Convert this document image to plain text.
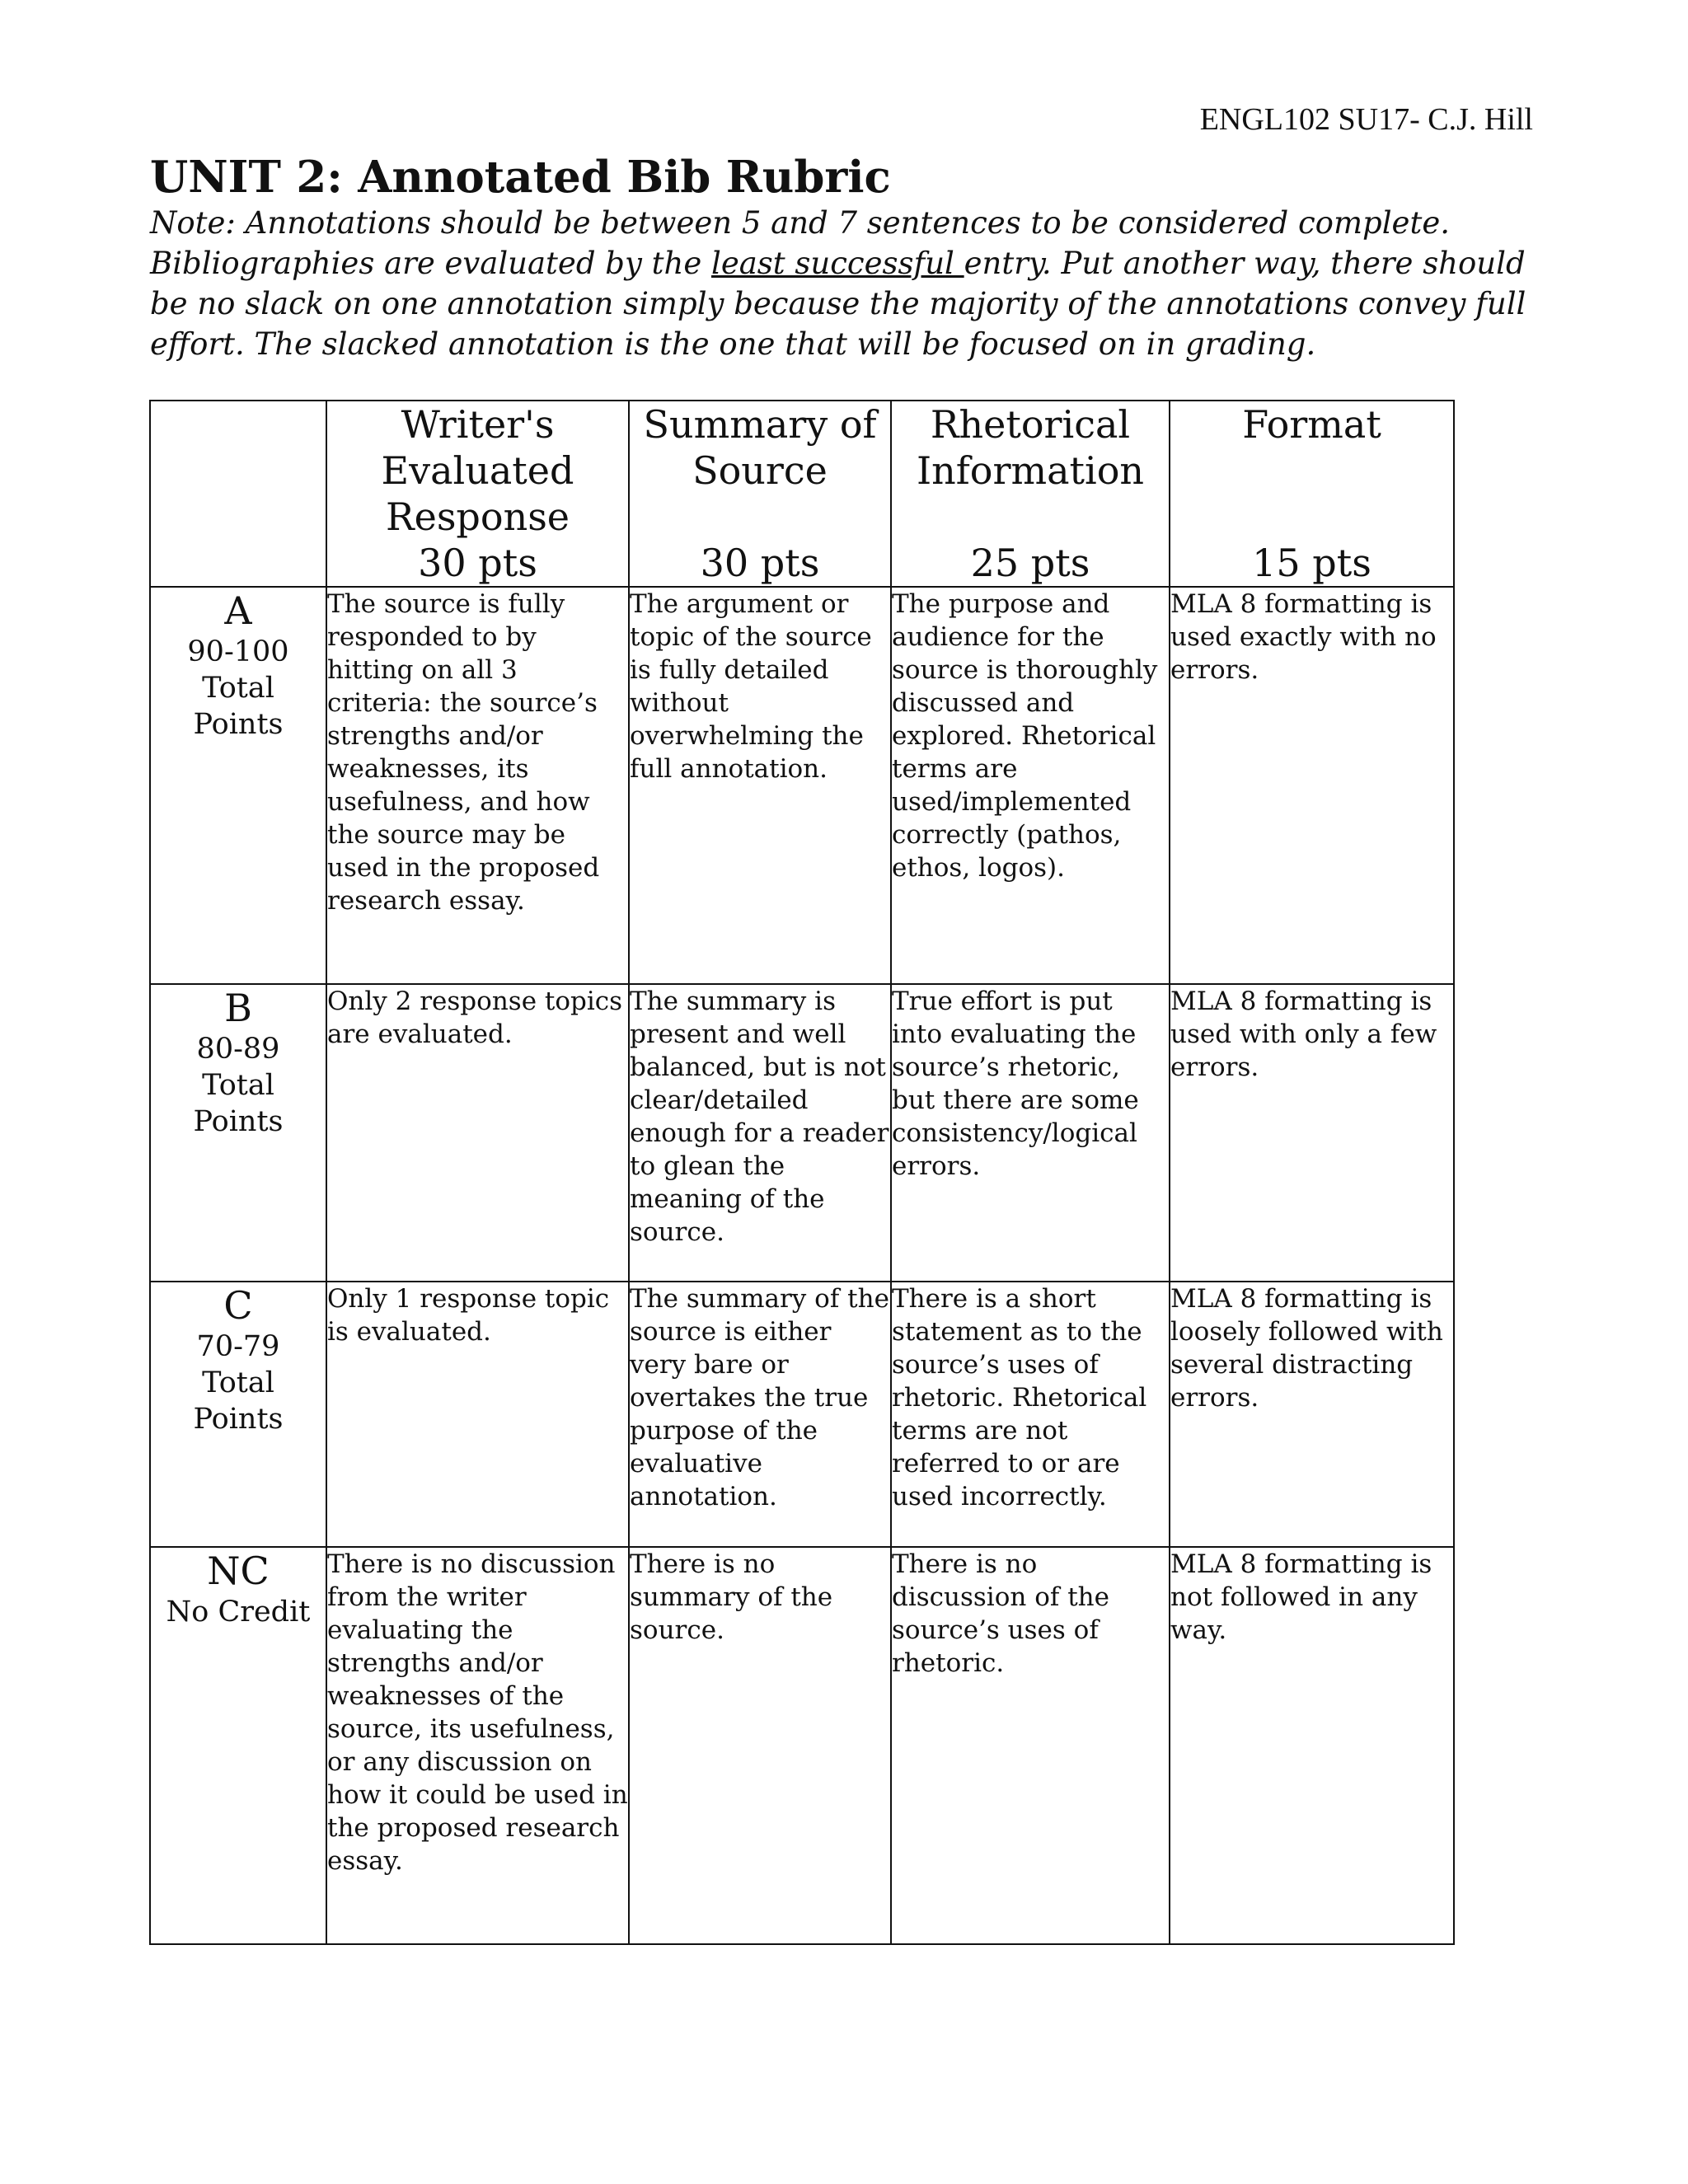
ENGL102 SU17- C.J. Hill
UNIT 2: Annotated Bib Rubric

Note: Annotations should be between 5 and 7 sentences to be considered complete. Bibliographies are evaluated by the least successful entry. Put another way, there should be no slack on one annotation simply because the majority of the annotations convey full effort. The slacked annotation is the one that will be focused on in grading.

	Writer's
Evaluated
Response
30 pts	Summary of
Source
30 pts	Rhetorical
Information
25 pts	Format
15 pts

A
90-100
Total
Points	The source is fully responded to by hitting on all 3 criteria: the source’s strengths and/or weaknesses, its usefulness, and how the source may be used in the proposed research essay.	The argument or topic of the source is fully detailed without overwhelming the full annotation.	The purpose and audience for the source is thoroughly discussed and explored. Rhetorical terms are used/implemented correctly (pathos, ethos, logos).	MLA 8 formatting is used exactly with no errors.

B
80-89
Total
Points	Only 2 response topics are evaluated.	The summary is present and well balanced, but is not clear/detailed enough for a reader to glean the meaning of the source.	True effort is put into evaluating the source’s rhetoric, but there are some consistency/logical errors.	MLA 8 formatting is used with only a few errors.

C
70-79
Total
Points	Only 1 response topic is evaluated.	The summary of the source is either very bare or overtakes the true purpose of the evaluative annotation.	There is a short statement as to the source’s uses of rhetoric. Rhetorical terms are not referred to or are used incorrectly.	MLA 8 formatting is loosely followed with several distracting errors.

NC
No Credit	There is no discussion from the writer evaluating the strengths and/or weaknesses of the source, its usefulness, or any discussion on how it could be used in the proposed research essay.	There is no summary of the source.	There is no discussion of the source’s uses of rhetoric.	MLA 8 formatting is not followed in any way.
